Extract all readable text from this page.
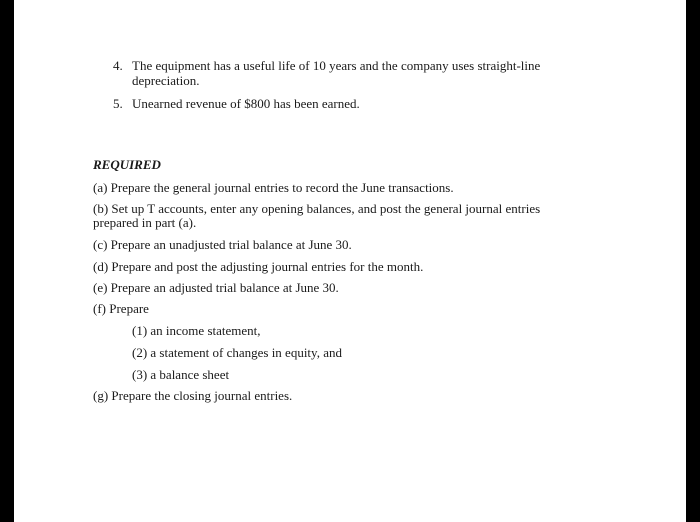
4. The equipment has a useful life of 10 years and the company uses straight-line
depreciation.
5. Unearned revenue of $800 has been earned.
REQUIRED
(a) Prepare the general journal entries to record the June transactions.
(b) Set up T accounts, enter any opening balances, and post the general journal entries
prepared in part (a).
(c) Prepare an unadjusted trial balance at June 30.
(d) Prepare and post the adjusting journal entries for the month.
(e) Prepare an adjusted trial balance at June 30.
(f) Prepare
(1) an income statement,
(2) a statement of changes in equity, and
(3) a balance sheet
(g) Prepare the closing journal entries.
